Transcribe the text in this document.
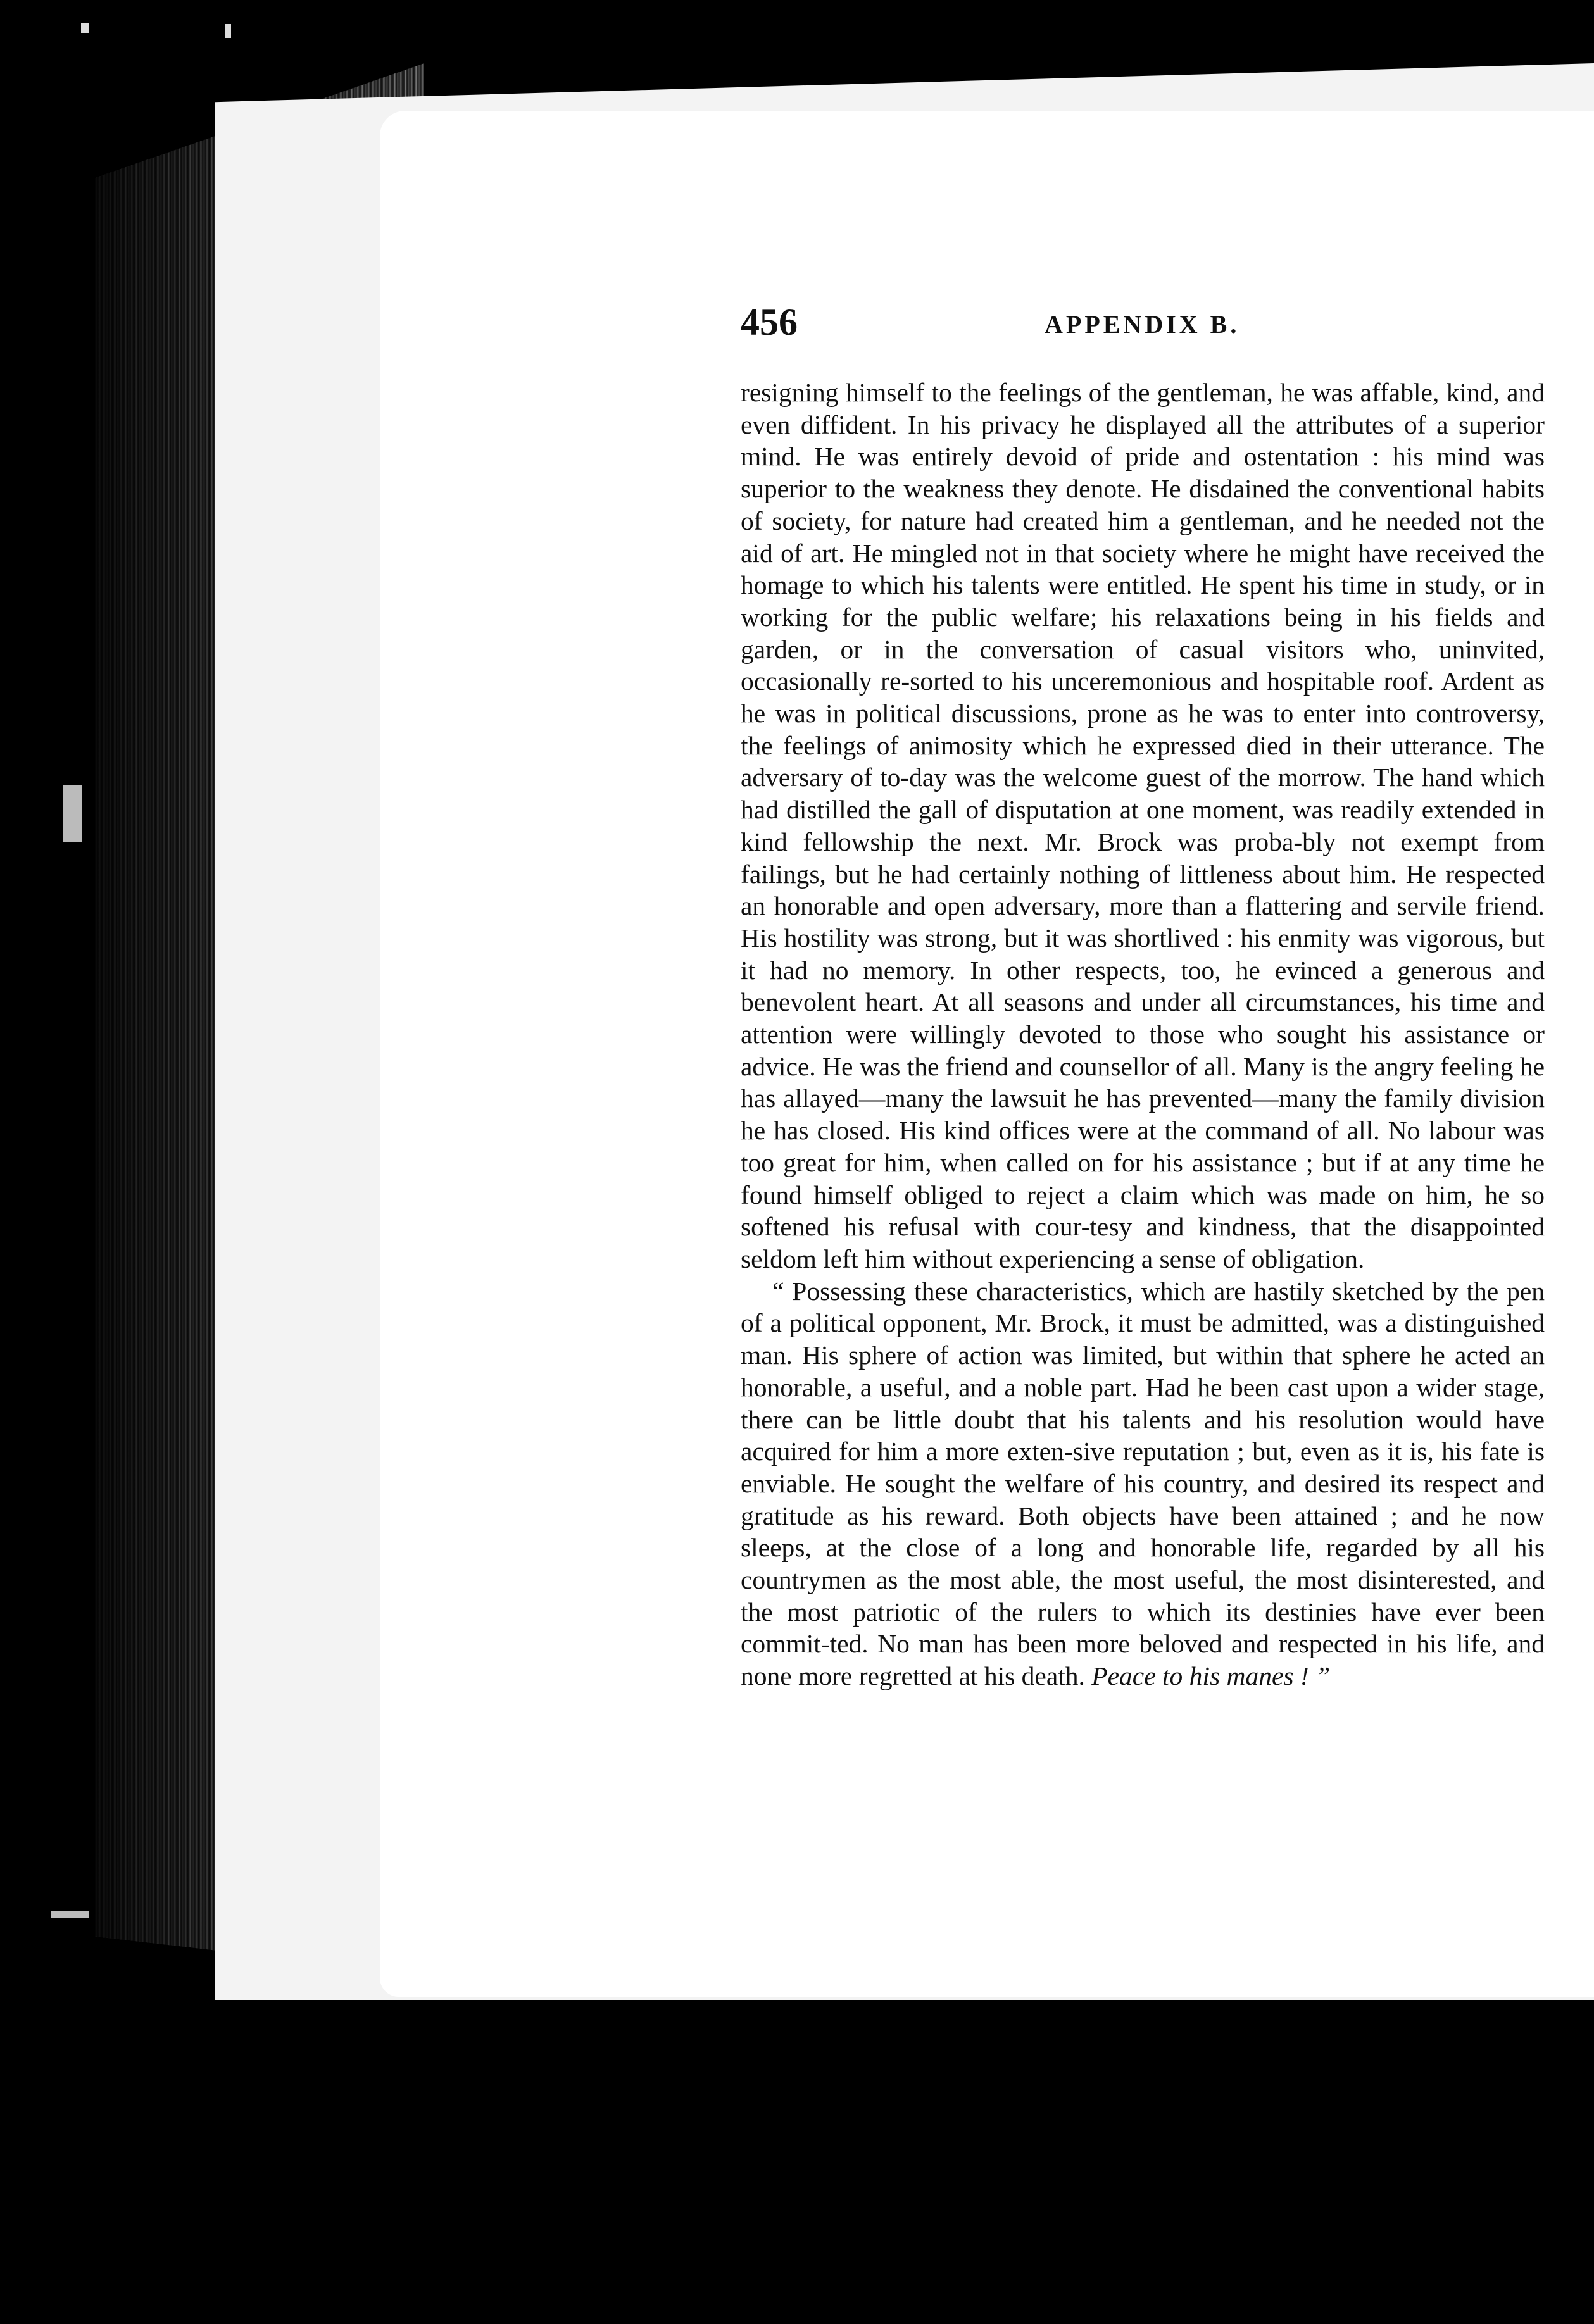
456	APPENDIX B.

resigning himself to the feelings of the gentleman, he was affable, kind, and even diffident. In his privacy he displayed all the attributes of a superior mind. He was entirely devoid of pride and ostentation : his mind was superior to the weakness they denote. He disdained the conventional habits of society, for nature had created him a gentleman, and he needed not the aid of art. He mingled not in that society where he might have received the homage to which his talents were entitled. He spent his time in study, or in working for the public welfare; his relaxations being in his fields and garden, or in the conversation of casual visitors who, uninvited, occasionally re-sorted to his unceremonious and hospitable roof. Ardent as he was in political discussions, prone as he was to enter into controversy, the feelings of animosity which he expressed died in their utterance. The adversary of to-day was the welcome guest of the morrow. The hand which had distilled the gall of disputation at one moment, was readily extended in kind fellowship the next. Mr. Brock was proba-bly not exempt from failings, but he had certainly nothing of littleness about him. He respected an honorable and open adversary, more than a flattering and servile friend. His hostility was strong, but it was shortlived : his enmity was vigorous, but it had no memory. In other respects, too, he evinced a generous and benevolent heart. At all seasons and under all circumstances, his time and attention were willingly devoted to those who sought his assistance or advice. He was the friend and counsellor of all. Many is the angry feeling he has allayed—many the lawsuit he has prevented—many the family division he has closed. His kind offices were at the command of all. No labour was too great for him, when called on for his assistance ; but if at any time he found himself obliged to reject a claim which was made on him, he so softened his refusal with cour-tesy and kindness, that the disappointed seldom left him without experiencing a sense of obligation.

“ Possessing these characteristics, which are hastily sketched by the pen of a political opponent, Mr. Brock, it must be admitted, was a distinguished man. His sphere of action was limited, but within that sphere he acted an honorable, a useful, and a noble part. Had he been cast upon a wider stage, there can be little doubt that his talents and his resolution would have acquired for him a more exten-sive reputation ; but, even as it is, his fate is enviable. He sought the welfare of his country, and desired its respect and gratitude as his reward. Both objects have been attained ; and he now sleeps, at the close of a long and honorable life, regarded by all his countrymen as the most able, the most useful, the most disinterested, and the most patriotic of the rulers to which its destinies have ever been commit-ted. No man has been more beloved and respected in his life, and none more regretted at his death. Peace to his manes ! ”
